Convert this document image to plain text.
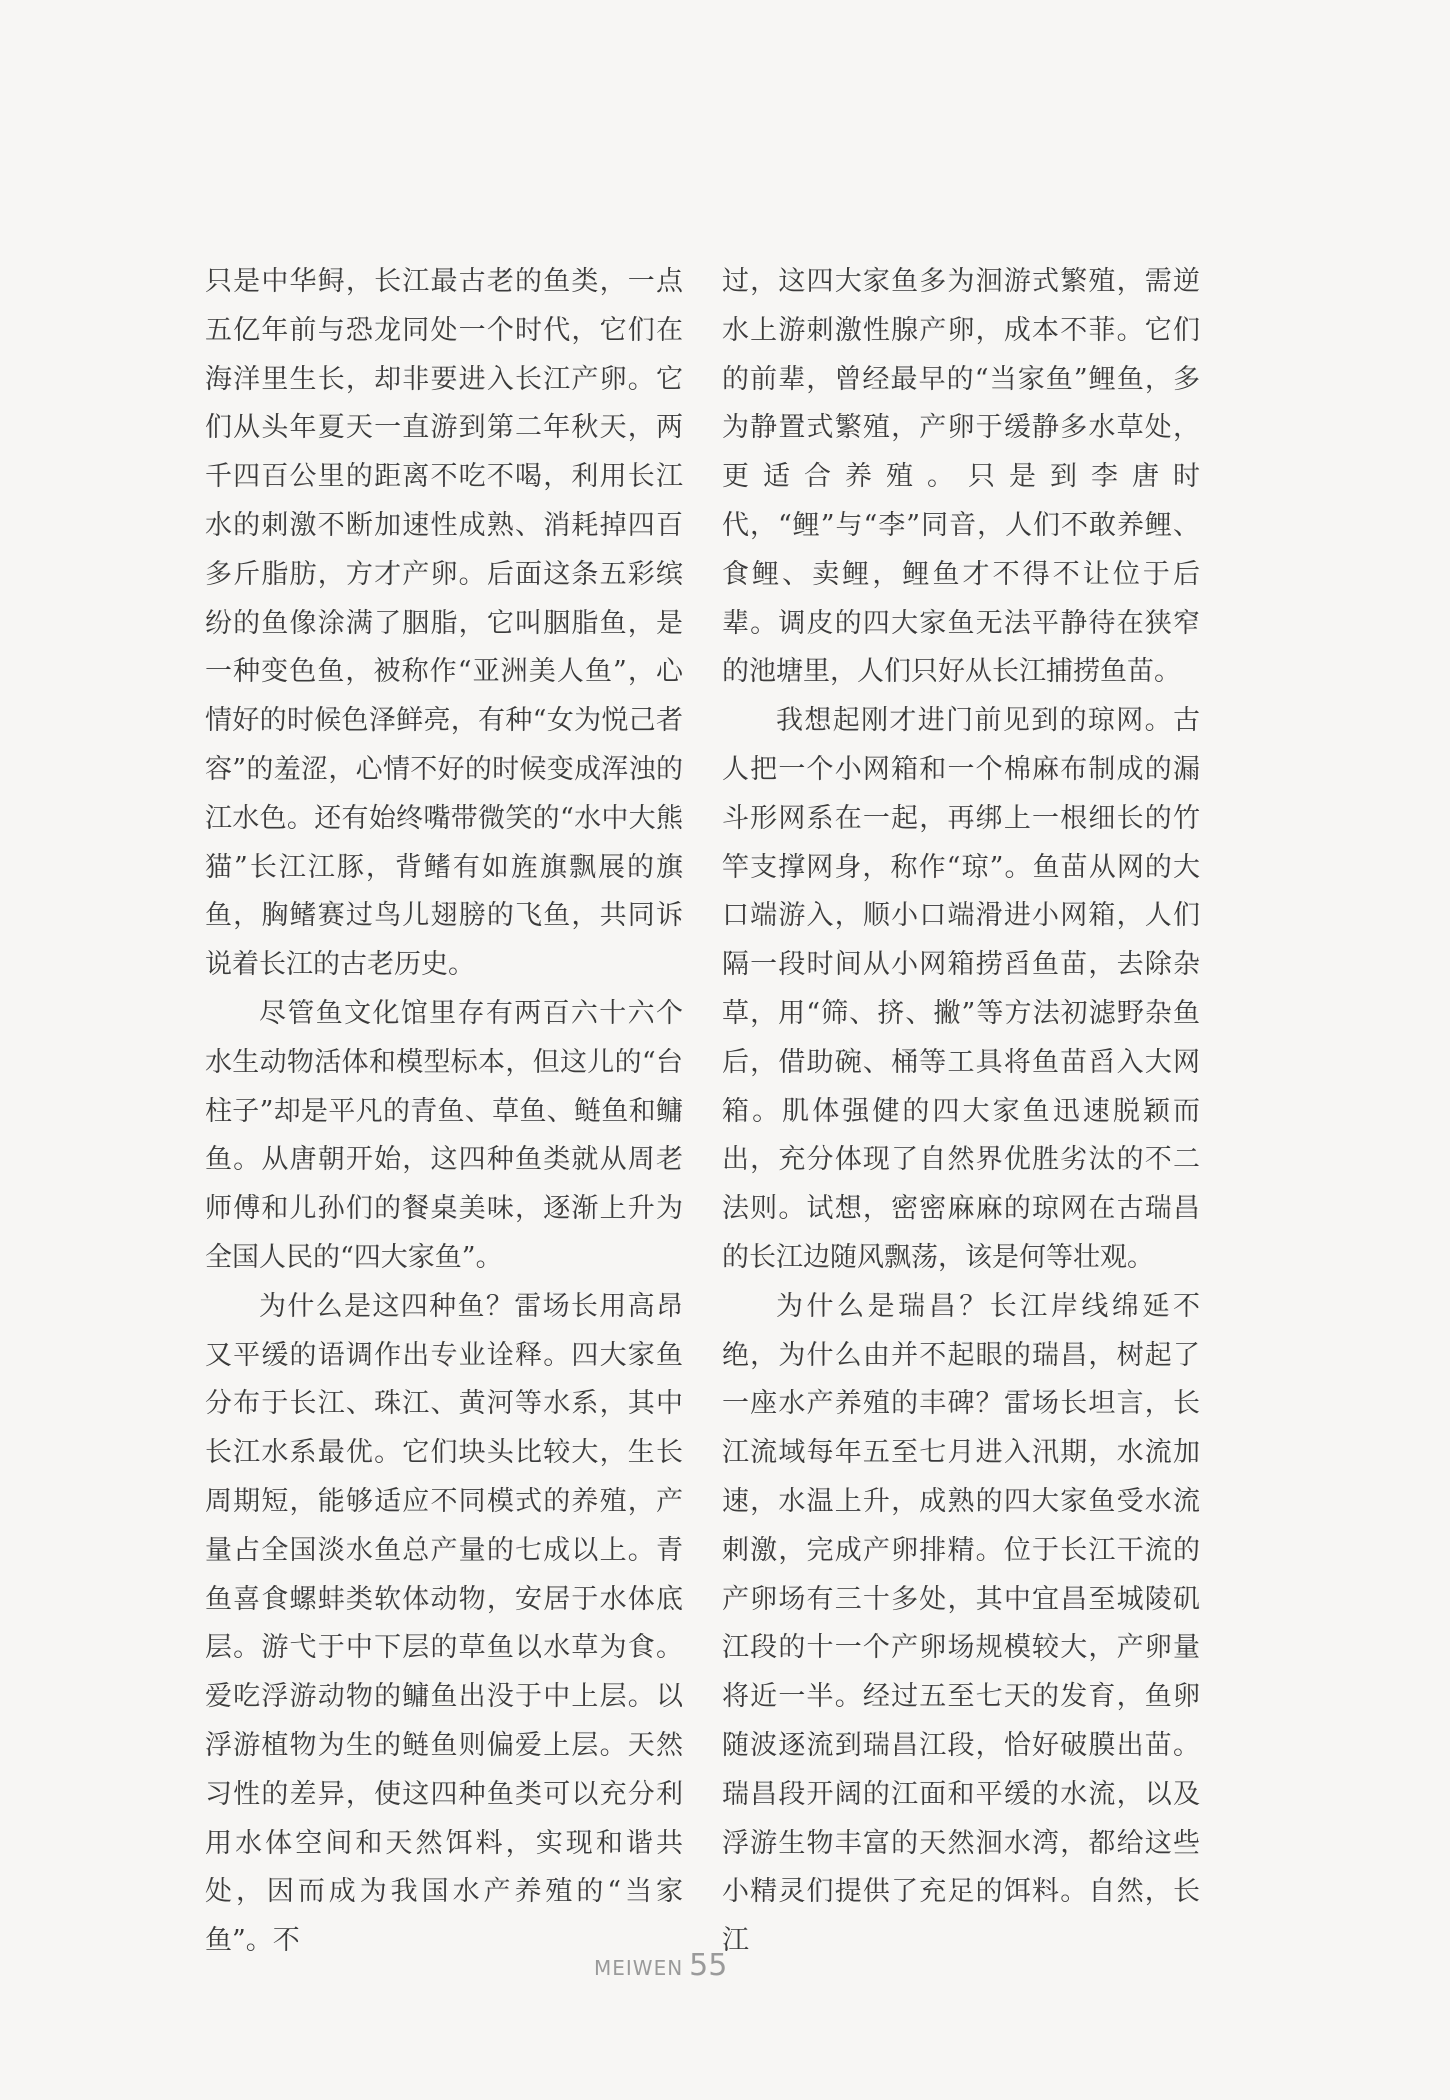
只是中华鲟，长江最古老的鱼类，一点五亿年前与恐龙同处一个时代，它们在海洋里生长，却非要进入长江产卵。它们从头年夏天一直游到第二年秋天，两千四百公里的距离不吃不喝，利用长江水的刺激不断加速性成熟、消耗掉四百多斤脂肪，方才产卵。后面这条五彩缤纷的鱼像涂满了胭脂，它叫胭脂鱼，是一种变色鱼，被称作“亚洲美人鱼”，心情好的时候色泽鲜亮，有种“女为悦己者容”的羞涩，心情不好的时候变成浑浊的江水色。还有始终嘴带微笑的“水中大熊猫”长江江豚，背鳍有如旌旗飘展的旗鱼，胸鳍赛过鸟儿翅膀的飞鱼，共同诉说着长江的古老历史。

尽管鱼文化馆里存有两百六十六个水生动物活体和模型标本，但这儿的“台柱子”却是平凡的青鱼、草鱼、鲢鱼和鳙鱼。从唐朝开始，这四种鱼类就从周老师傅和儿孙们的餐桌美味，逐渐上升为全国人民的“四大家鱼”。

为什么是这四种鱼？雷场长用高昂又平缓的语调作出专业诠释。四大家鱼分布于长江、珠江、黄河等水系，其中长江水系最优。它们块头比较大，生长周期短，能够适应不同模式的养殖，产量占全国淡水鱼总产量的七成以上。青鱼喜食螺蚌类软体动物，安居于水体底层。游弋于中下层的草鱼以水草为食。爱吃浮游动物的鳙鱼出没于中上层。以浮游植物为生的鲢鱼则偏爱上层。天然习性的差异，使这四种鱼类可以充分利用水体空间和天然饵料，实现和谐共处，因而成为我国水产养殖的“当家鱼”。不

过，这四大家鱼多为洄游式繁殖，需逆水上游刺激性腺产卵，成本不菲。它们的前辈，曾经最早的“当家鱼”鲤鱼，多为静置式繁殖，产卵于缓静多水草处，更适合养殖。只是到李唐时代，“鲤”与“李”同音，人们不敢养鲤、食鲤、卖鲤，鲤鱼才不得不让位于后辈。调皮的四大家鱼无法平静待在狭窄的池塘里，人们只好从长江捕捞鱼苗。

我想起刚才进门前见到的琼网。古人把一个小网箱和一个棉麻布制成的漏斗形网系在一起，再绑上一根细长的竹竿支撑网身，称作“琼”。鱼苗从网的大口端游入，顺小口端滑进小网箱，人们隔一段时间从小网箱捞舀鱼苗，去除杂草，用“筛、挤、撇”等方法初滤野杂鱼后，借助碗、桶等工具将鱼苗舀入大网箱。肌体强健的四大家鱼迅速脱颖而出，充分体现了自然界优胜劣汰的不二法则。试想，密密麻麻的琼网在古瑞昌的长江边随风飘荡，该是何等壮观。

为什么是瑞昌？长江岸线绵延不绝，为什么由并不起眼的瑞昌，树起了一座水产养殖的丰碑？雷场长坦言，长江流域每年五至七月进入汛期，水流加速，水温上升，成熟的四大家鱼受水流刺激，完成产卵排精。位于长江干流的产卵场有三十多处，其中宜昌至城陵矶江段的十一个产卵场规模较大，产卵量将近一半。经过五至七天的发育，鱼卵随波逐流到瑞昌江段，恰好破膜出苗。瑞昌段开阔的江面和平缓的水流，以及浮游生物丰富的天然洄水湾，都给这些小精灵们提供了充足的饵料。自然，长江

MEIWEN 55
